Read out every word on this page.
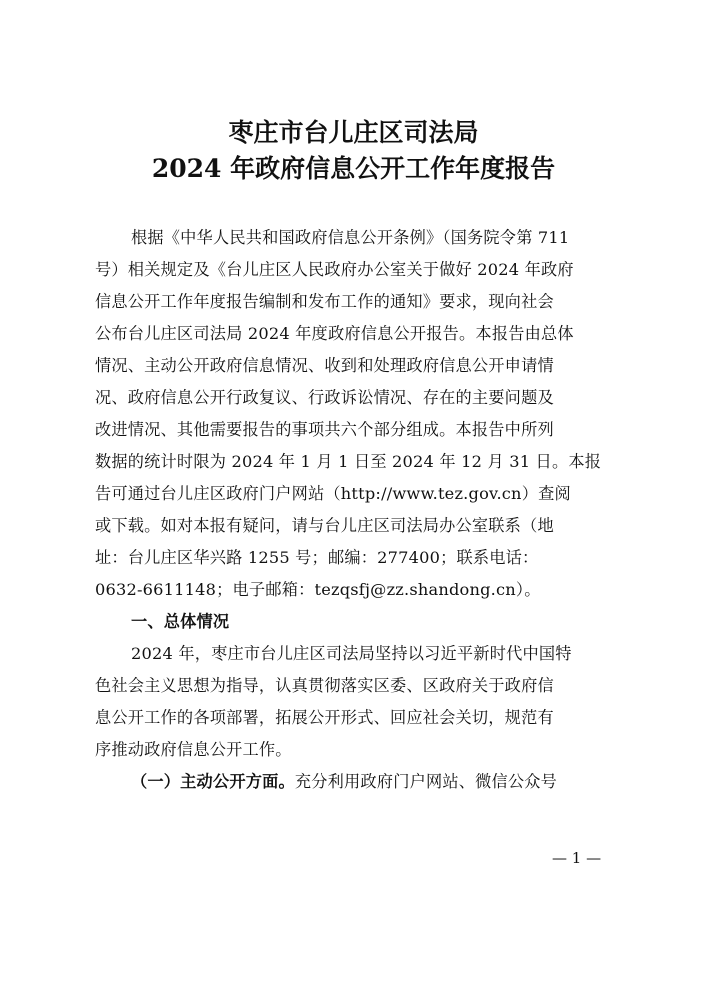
枣庄市台儿庄区司法局
2024 年政府信息公开工作年度报告
根据《中华人民共和国政府信息公开条例》（国务院令第 711
号）相关规定及《台儿庄区人民政府办公室关于做好 2024 年政府
信息公开工作年度报告编制和发布工作的通知》要求，现向社会
公布台儿庄区司法局 2024 年度政府信息公开报告。本报告由总体
情况、主动公开政府信息情况、收到和处理政府信息公开申请情
况、政府信息公开行政复议、行政诉讼情况、存在的主要问题及
改进情况、其他需要报告的事项共六个部分组成。本报告中所列
数据的统计时限为 2024 年 1 月 1 日至 2024 年 12 月 31 日。本报
告可通过台儿庄区政府门户网站（http://www.tez.gov.cn）查阅
或下载。如对本报有疑问，请与台儿庄区司法局办公室联系（地
址：台儿庄区华兴路 1255 号；邮编：277400；联系电话：
0632-6611148；电子邮箱：tezqsfj@zz.shandong.cn）。
一、总体情况
2024 年，枣庄市台儿庄区司法局坚持以习近平新时代中国特
色社会主义思想为指导，认真贯彻落实区委、区政府关于政府信
息公开工作的各项部署，拓展公开形式、回应社会关切，规范有
序推动政府信息公开工作。
（一）主动公开方面。充分利用政府门户网站、微信公众号
— 1 —
